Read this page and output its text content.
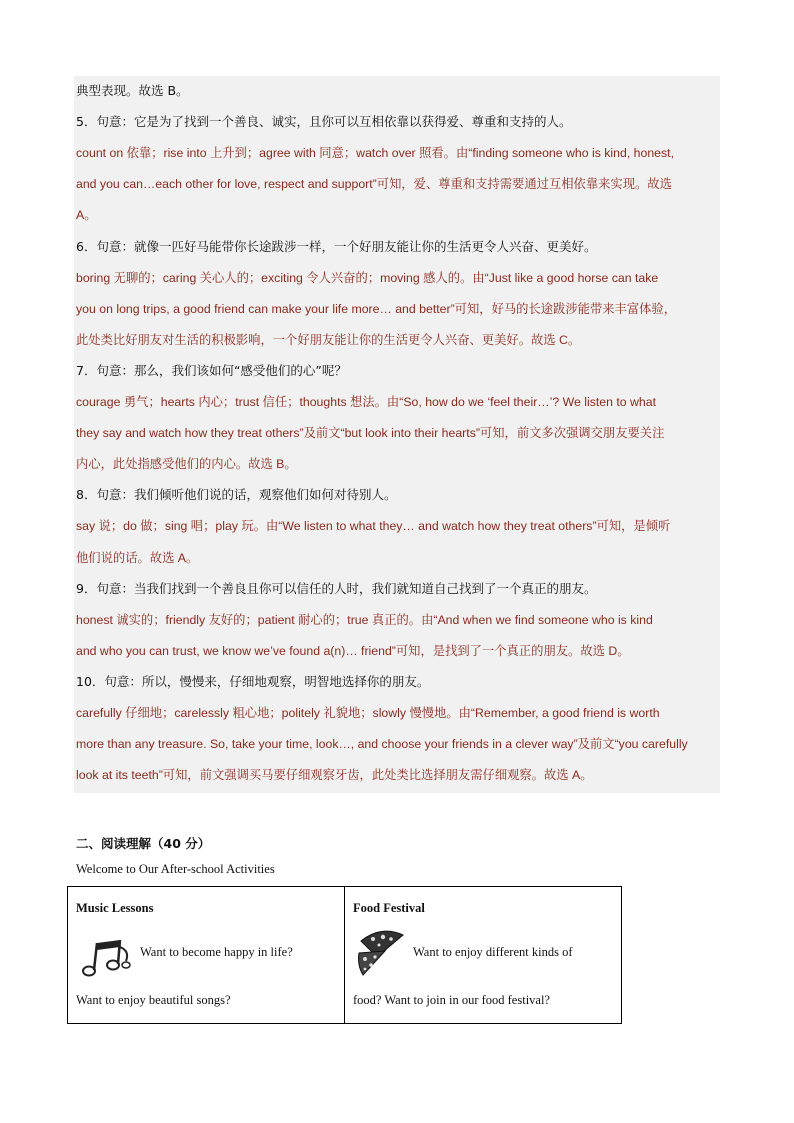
典型表现。故选 B。
5．句意：它是为了找到一个善良、诚实，且你可以互相依靠以获得爱、尊重和支持的人。
count on 依靠；rise into 上升到；agree with 同意；watch over 照看。由“finding someone who is kind, honest,
and you can…each other for love, respect and support”可知，爱、尊重和支持需要通过互相依靠来实现。故选
A。
6．句意：就像一匹好马能带你长途跋涉一样，一个好朋友能让你的生活更令人兴奋、更美好。
boring 无聊的；caring 关心人的；exciting 令人兴奋的；moving 感人的。由“Just like a good horse can take
you on long trips, a good friend can make your life more… and better”可知，好马的长途跋涉能带来丰富体验，
此处类比好朋友对生活的积极影响，一个好朋友能让你的生活更令人兴奋、更美好。故选 C。
7．句意：那么，我们该如何“感受他们的心”呢？
courage 勇气；hearts 内心；trust 信任；thoughts 想法。由“So, how do we ‘feel their…’? We listen to what
they say and watch how they treat others”及前文“but look into their hearts”可知，前文多次强调交朋友要关注
内心，此处指感受他们的内心。故选 B。
8．句意：我们倾听他们说的话，观察他们如何对待别人。
say 说；do 做；sing 唱；play 玩。由“We listen to what they… and watch how they treat others”可知，是倾听
他们说的话。故选 A。
9．句意：当我们找到一个善良且你可以信任的人时，我们就知道自己找到了一个真正的朋友。
honest 诚实的；friendly 友好的；patient 耐心的；true 真正的。由“And when we find someone who is kind
and who you can trust, we know we’ve found a(n)… friend”可知，是找到了一个真正的朋友。故选 D。
10．句意：所以，慢慢来，仔细地观察，明智地选择你的朋友。
carefully 仔细地；carelessly 粗心地；politely 礼貌地；slowly 慢慢地。由“Remember, a good friend is worth
more than any treasure. So, take your time, look…, and choose your friends in a clever way”及前文“you carefully
look at its teeth”可知，前文强调买马要仔细观察牙齿，此处类比选择朋友需仔细观察。故选 A。
二、阅读理解（40 分）
Welcome to Our After-school Activities
Music Lessons
Want to become happy in life?
Want to enjoy beautiful songs?

Food Festival
Want to enjoy different kinds of
food? Want to join in our food festival?
